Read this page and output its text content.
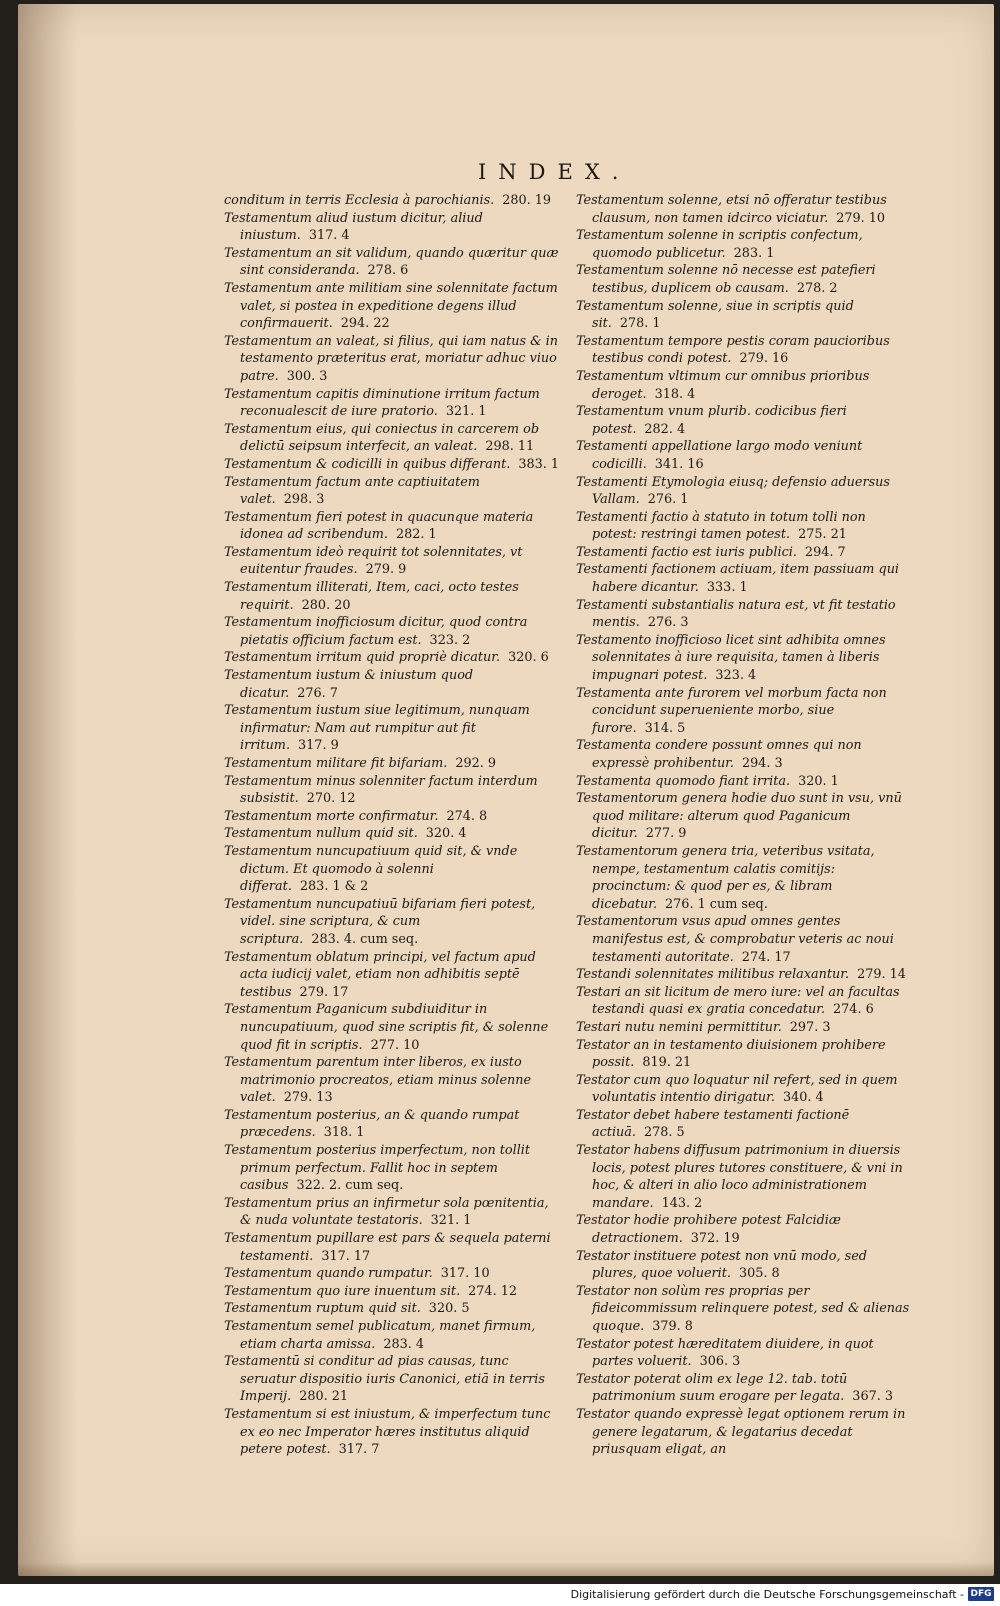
INDEX.

conditum in terris Ecclesia à parochianis. 280. 19

Testamentum aliud iustum dicitur, aliud iniustum. 317. 4

Testamentum an sit validum, quando quæritur quæ sint consideranda. 278. 6

Testamentum ante militiam sine solennitate factum valet, si postea in expeditione degens illud confirmauerit. 294. 22

Testamentum an valeat, si filius, qui iam natus & in testamento præteritus erat, moriatur adhuc viuo patre. 300. 3

Testamentum capitis diminutione irritum factum reconualescit de iure pratorio. 321. 1

Testamentum eius, qui coniectus in carcerem ob delictū seipsum interfecit, an valeat. 298. 11

Testamentum & codicilli in quibus differant. 383. 1

Testamentum factum ante captiuitatem valet. 298. 3

Testamentum fieri potest in quacunque materia idonea ad scribendum. 282. 1

Testamentum ideò requirit tot solennitates, vt euitentur fraudes. 279. 9

Testamentum illiterati, Item, caci, octo testes requirit. 280. 20

Testamentum inofficiosum dicitur, quod contra pietatis officium factum est. 323. 2

Testamentum irritum quid propriè dicatur. 320. 6

Testamentum iustum & iniustum quod dicatur. 276. 7

Testamentum iustum siue legitimum, nunquam infirmatur: Nam aut rumpitur aut fit irritum. 317. 9

Testamentum militare fit bifariam. 292. 9

Testamentum minus solenniter factum interdum subsistit. 270. 12

Testamentum morte confirmatur. 274. 8

Testamentum nullum quid sit. 320. 4

Testamentum nuncupatiuum quid sit, & vnde dictum. Et quomodo à solenni differat. 283. 1 & 2

Testamentum nuncupatiuū bifariam fieri potest, videl. sine scriptura, & cum scriptura. 283. 4. cum seq.

Testamentum oblatum principi, vel factum apud acta iudicij valet, etiam non adhibitis septē testibus 279. 17

Testamentum Paganicum subdiuiditur in nuncupatiuum, quod sine scriptis fit, & solenne quod fit in scriptis. 277. 10

Testamentum parentum inter liberos, ex iusto matrimonio procreatos, etiam minus solenne valet. 279. 13

Testamentum posterius, an & quando rumpat præcedens. 318. 1

Testamentum posterius imperfectum, non tollit primum perfectum. Fallit hoc in septem casibus 322. 2. cum seq.

Testamentum prius an infirmetur sola pœnitentia, & nuda voluntate testatoris. 321. 1

Testamentum pupillare est pars & sequela paterni testamenti. 317. 17

Testamentum quando rumpatur. 317. 10

Testamentum quo iure inuentum sit. 274. 12

Testamentum ruptum quid sit. 320. 5

Testamentum semel publicatum, manet firmum, etiam charta amissa. 283. 4

Testamentū si conditur ad pias causas, tunc seruatur dispositio iuris Canonici, etiā in terris Imperij. 280. 21

Testamentum si est iniustum, & imperfectum tunc ex eo nec Imperator hæres institutus aliquid petere potest. 317. 7

Testamentum solenne, etsi nō offeratur testibus clausum, non tamen idcirco viciatur. 279. 10

Testamentum solenne in scriptis confectum, quomodo publicetur. 283. 1

Testamentum solenne nō necesse est patefieri testibus, duplicem ob causam. 278. 2

Testamentum solenne, siue in scriptis quid sit. 278. 1

Testamentum tempore pestis coram paucioribus testibus condi potest. 279. 16

Testamentum vltimum cur omnibus prioribus deroget. 318. 4

Testamentum vnum plurib. codicibus fieri potest. 282. 4

Testamenti appellatione largo modo veniunt codicilli. 341. 16

Testamenti Etymologia eiusq; defensio aduersus Vallam. 276. 1

Testamenti factio à statuto in totum tolli non potest: restringi tamen potest. 275. 21

Testamenti factio est iuris publici. 294. 7

Testamenti factionem actiuam, item passiuam qui habere dicantur. 333. 1

Testamenti substantialis natura est, vt fit testatio mentis. 276. 3

Testamento inofficioso licet sint adhibita omnes solennitates à iure requisita, tamen à liberis impugnari potest. 323. 4

Testamenta ante furorem vel morbum facta non concidunt superueniente morbo, siue furore. 314. 5

Testamenta condere possunt omnes qui non expressè prohibentur. 294. 3

Testamenta quomodo fiant irrita. 320. 1

Testamentorum genera hodie duo sunt in vsu, vnū quod militare: alterum quod Paganicum dicitur. 277. 9

Testamentorum genera tria, veteribus vsitata, nempe, testamentum calatis comitijs: procinctum: & quod per es, & libram dicebatur. 276. 1 cum seq.

Testamentorum vsus apud omnes gentes manifestus est, & comprobatur veteris ac noui testamenti autoritate. 274. 17

Testandi solennitates militibus relaxantur. 279. 14

Testari an sit licitum de mero iure: vel an facultas testandi quasi ex gratia concedatur. 274. 6

Testari nutu nemini permittitur. 297. 3

Testator an in testamento diuisionem prohibere possit. 819. 21

Testator cum quo loquatur nil refert, sed in quem voluntatis intentio dirigatur. 340. 4

Testator debet habere testamenti factionē actiuā. 278. 5

Testator habens diffusum patrimonium in diuersis locis, potest plures tutores constituere, & vni in hoc, & alteri in alio loco administrationem mandare. 143. 2

Testator hodie prohibere potest Falcidiæ detractionem. 372. 19

Testator instituere potest non vnū modo, sed plures, quoe voluerit. 305. 8

Testator non solùm res proprias per fideicommissum relinquere potest, sed & alienas quoque. 379. 8

Testator potest hæreditatem diuidere, in quot partes voluerit. 306. 3

Testator poterat olim ex lege 12. tab. totū patrimonium suum erogare per legata. 367. 3

Testator quando expressè legat optionem rerum in genere legatarum, & legatarius decedat priusquam eligat, an

Digitalisierung gefördert durch die Deutsche Forschungsgemeinschaft - DFG
